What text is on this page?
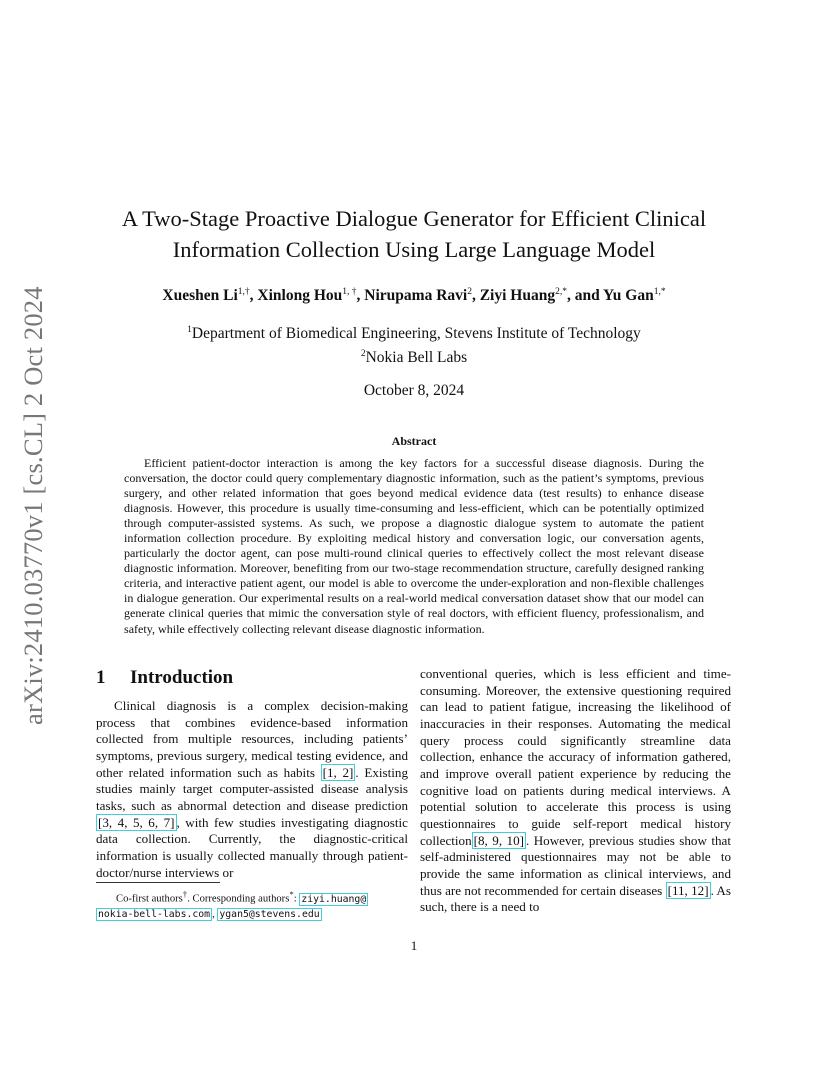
arXiv:2410.03770v1 [cs.CL] 2 Oct 2024
A Two-Stage Proactive Dialogue Generator for Efficient Clinical
Information Collection Using Large Language Model
Xueshen $Li^{1,\dagger}$, Xinlong Hou$^{1, \dagger}$, Nirupama Ravi$^2$, Ziyi Huang$^{2,*}$, and Yu Gan$^{1,*}$
$^1$Department of Biomedical Engineering, Stevens Institute of Technology
$^2$Nokia Bell Labs
October 8, 2024
Abstract
Efficient patient-doctor interaction is among the key factors for a successful disease diagnosis. During the conversation, the doctor could query complementary diagnostic information, such as the patient’s symptoms, previous surgery, and other related information that goes beyond medical evidence data (test results) to enhance disease diagnosis. However, this procedure is usually time-consuming and less-efficient, which can be potentially optimized through computer-assisted systems. As such, we propose a diagnostic dialogue system to automate the patient information collection procedure. By exploiting medical history and conversation logic, our conversation agents, particularly the doctor agent, can pose multi-round clinical queries to effectively collect the most relevant disease diagnostic information. Moreover, benefiting from our two-stage recommendation structure, carefully designed ranking criteria, and interactive patient agent, our model is able to overcome the under-exploration and non-flexible challenges in dialogue generation. Our experimental results on a real-world medical conversation dataset show that our model can generate clinical queries that mimic the conversation style of real doctors, with efficient fluency, professionalism, and safety, while effectively collecting relevant disease diagnostic information.
1 Introduction

Clinical diagnosis is a complex decision-making process that combines evidence-based information collected from multiple resources, including patients’ symptoms, previous surgery, medical testing evidence, and other related information such as habits [1, 2] . Existing studies mainly target computer-assisted disease analysis tasks, such as abnormal detection and disease prediction [3, 4, 5, 6, 7] , with few studies investigating diagnostic data collection. Currently, the diagnostic-critical information is usually collected manually through patient-doctor/nurse interviews or

conventional queries, which is less efficient and time-consuming. Moreover, the extensive questioning required can lead to patient fatigue, increasing the likelihood of inaccuracies in their responses. Automating the medical query process could significantly streamline data collection, enhance the accuracy of information gathered, and improve overall patient experience by reducing the cognitive load on patients during medical interviews. A potential solution to accelerate this process is using questionnaires to guide self-report medical history collection [8, 9, 10] . However, previous studies show that self-administered questionnaires may not be able to provide the same information as clinical interviews, and thus are not recommended for certain diseases [11, 12] . As such, there is a need to
Co-first authors†. Corresponding authors*: ziyi.huang@
nokia-bell-labs.com , ygan5@stevens.edu
1
